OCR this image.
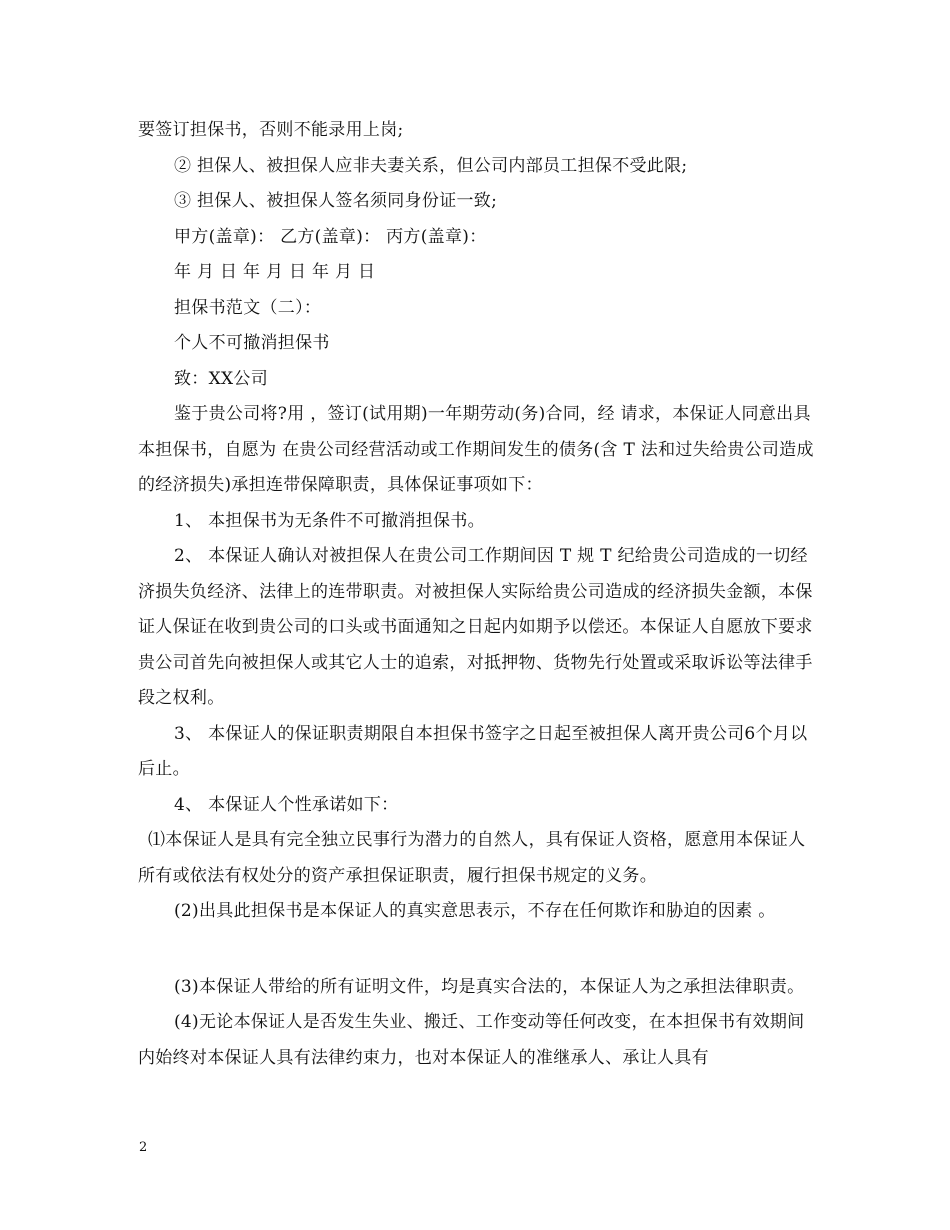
要签订担保书，否则不能录用上岗;

② 担保人、被担保人应非夫妻关系，但公司内部员工担保不受此限;

③ 担保人、被担保人签名须同身份证一致;

甲方(盖章)： 乙方(盖章)： 丙方(盖章)：

年 月 日 年 月 日 年 月 日

担保书范文（二）：

个人不可撤消担保书

致：XX公司

鉴于贵公司将?用 ，签订(试用期)一年期劳动(务)合同，经 请求，本保证人同意出具本担保书，自愿为 在贵公司经营活动或工作期间发生的债务(含 T 法和过失给贵公司造成的经济损失)承担连带保障职责，具体保证事项如下：

1、 本担保书为无条件不可撤消担保书。

2、 本保证人确认对被担保人在贵公司工作期间因 T 规 T 纪给贵公司造成的一切经济损失负经济、法律上的连带职责。对被担保人实际给贵公司造成的经济损失金额，本保证人保证在收到贵公司的口头或书面通知之日起内如期予以偿还。本保证人自愿放下要求贵公司首先向被担保人或其它人士的追索，对抵押物、货物先行处置或采取诉讼等法律手段之权利。

3、 本保证人的保证职责期限自本担保书签字之日起至被担保人离开贵公司6个月以后止。

4、 本保证人个性承诺如下：

⑴本保证人是具有完全独立民事行为潜力的自然人，具有保证人资格，愿意用本保证人所有或依法有权处分的资产承担保证职责，履行担保书规定的义务。

(2)出具此担保书是本保证人的真实意思表示，不存在任何欺诈和胁迫的因素 。

(3)本保证人带给的所有证明文件，均是真实合法的，本保证人为之承担法律职责。

(4)无论本保证人是否发生失业、搬迁、工作变动等任何改变，在本担保书有效期间内始终对本保证人具有法律约束力，也对本保证人的准继承人、承让人具有

2
